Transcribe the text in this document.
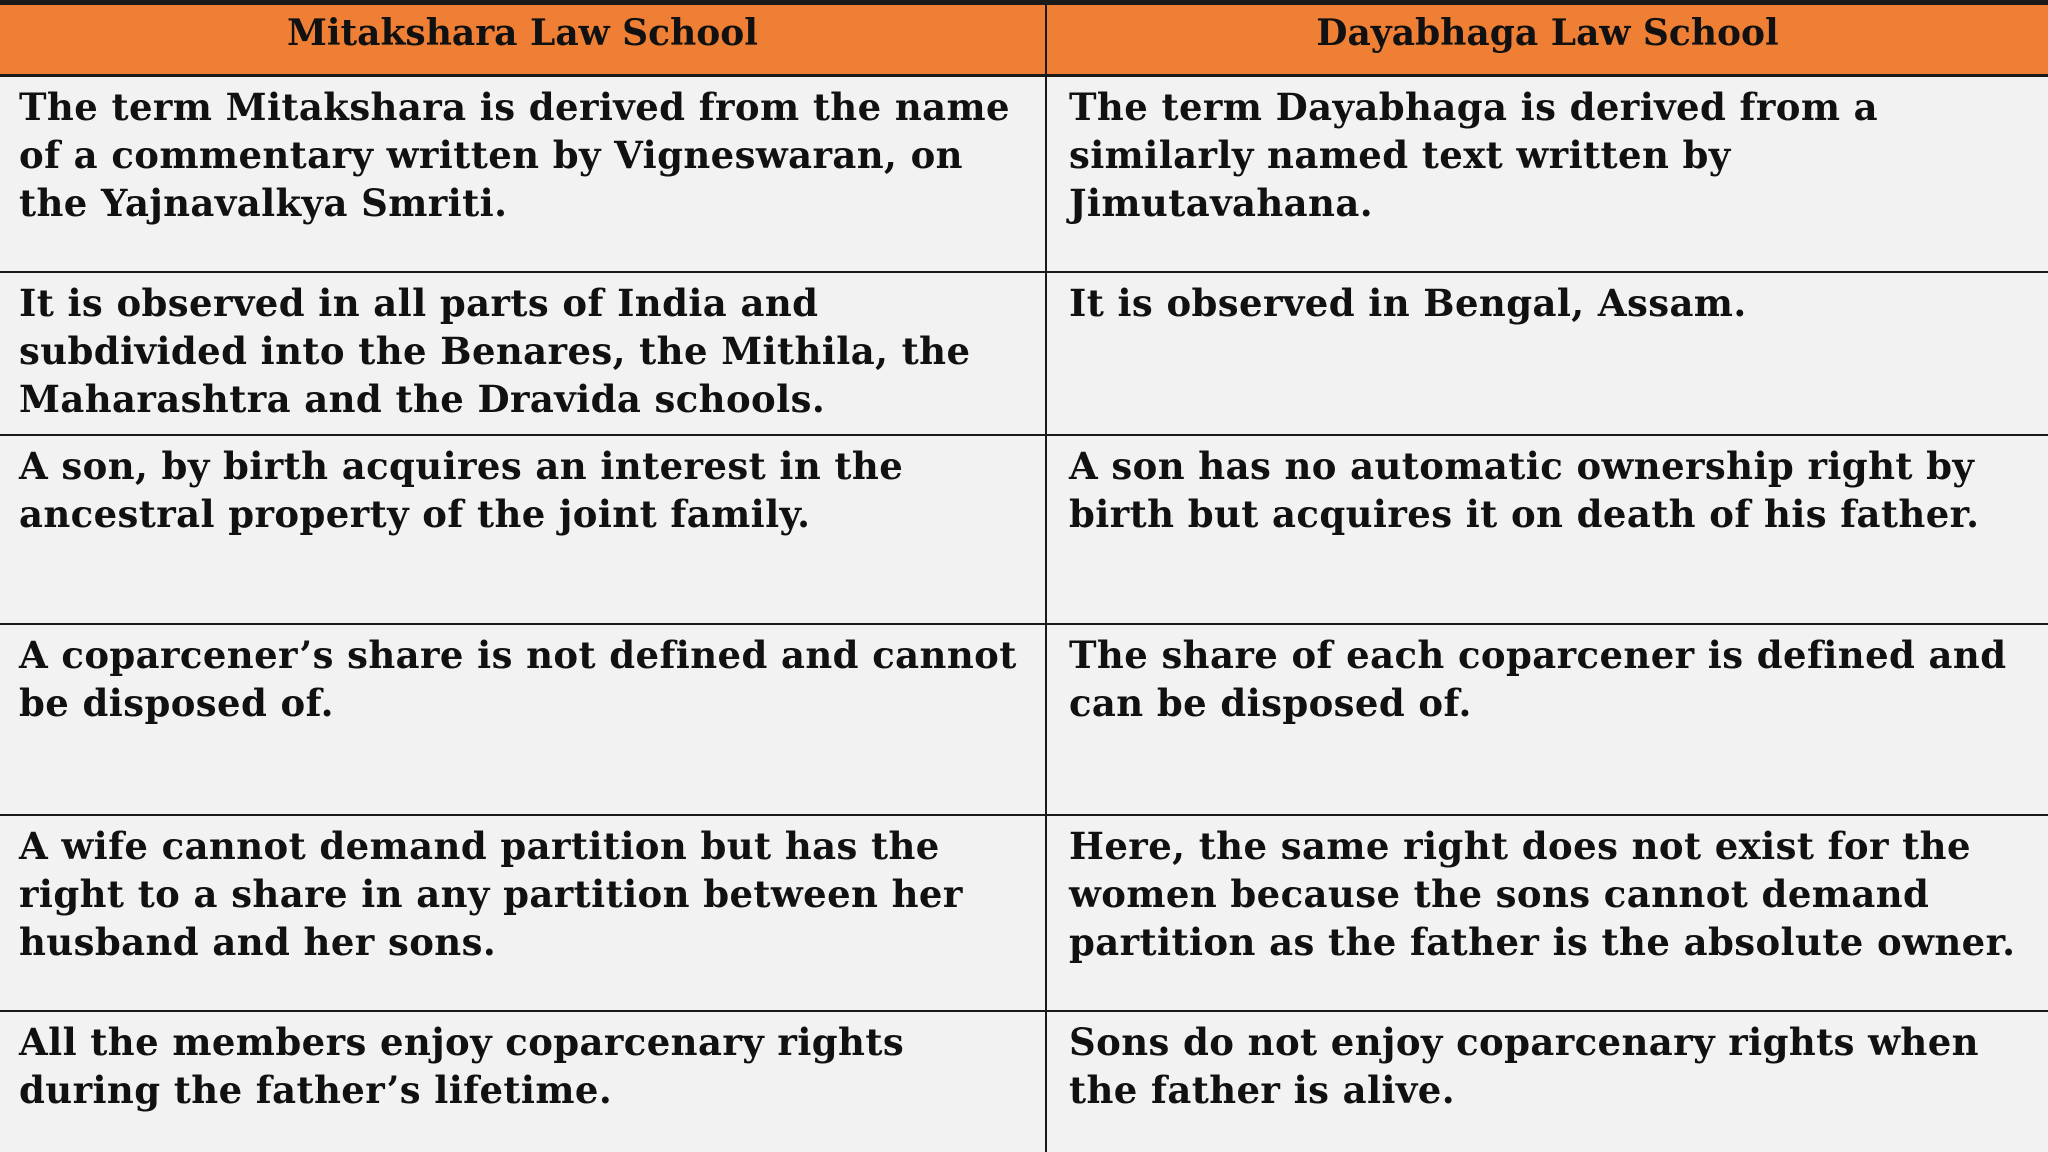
Mitakshara Law School	Dayabhaga Law School
The term Mitakshara is derived from the name of a commentary written by Vigneswaran, on the Yajnavalkya Smriti.	The term Dayabhaga is derived from a similarly named text written by Jimutavahana.
It is observed in all parts of India and subdivided into the Benares, the Mithila, the Maharashtra and the Dravida schools.	It is observed in Bengal, Assam.
A son, by birth acquires an interest in the ancestral property of the joint family.	A son has no automatic ownership right by birth but acquires it on death of his father.
A coparcener’s share is not defined and cannot be disposed of.	The share of each coparcener is defined and can be disposed of.
A wife cannot demand partition but has the right to a share in any partition between her husband and her sons.	Here, the same right does not exist for the women because the sons cannot demand partition as the father is the absolute owner.
All the members enjoy coparcenary rights during the father’s lifetime.	Sons do not enjoy coparcenary rights when the father is alive.
